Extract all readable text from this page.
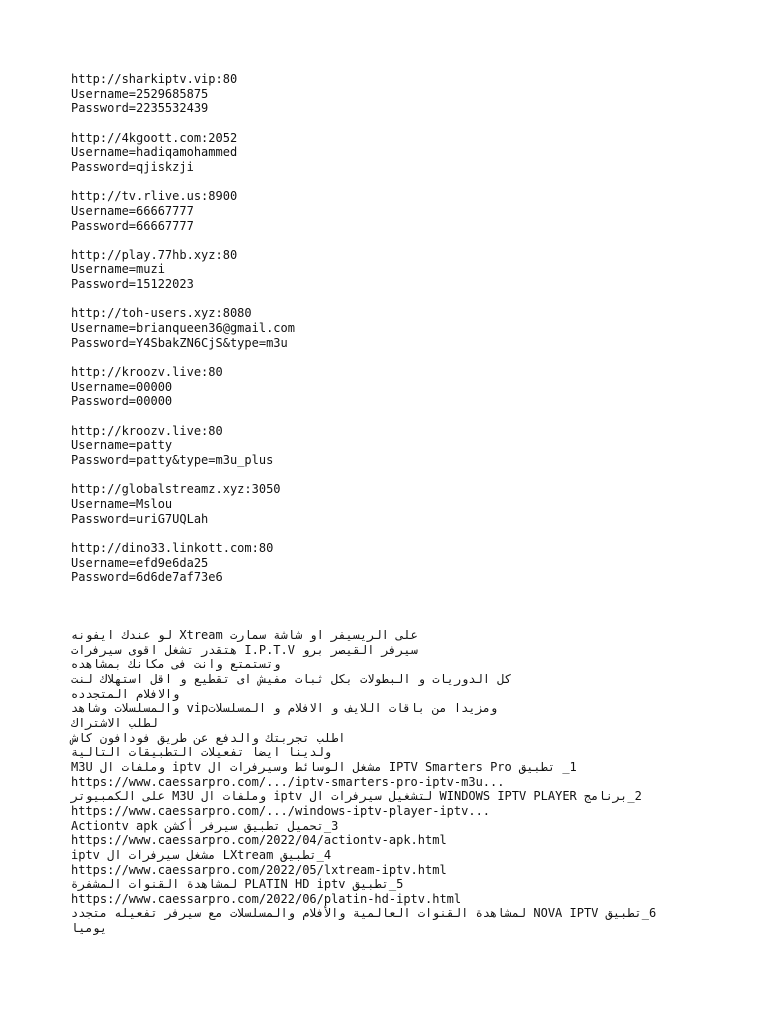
http://sharkiptv.vip:80
Username=2529685875
Password=2235532439
http://4kgoott.com:2052
Username=hadiqamohammed
Password=qjiskzji
http://tv.rlive.us:8900
Username=66667777
Password=66667777
http://play.77hb.xyz:80
Username=muzi
Password=15122023
http://toh-users.xyz:8080
Username=brianqueen36@gmail.com
Password=Y4SbakZN6CjS&type=m3u
http://kroozv.live:80
Username=00000
Password=00000
http://kroozv.live:80
Username=patty
Password=patty&type=m3u_plus
http://globalstreamz.xyz:3050
Username=Mslou
Password=uriG7UQLah
http://dino33.linkott.com:80
Username=efd9e6da25
Password=6d6de7af73e6
على الريسيفر او شاشة سمارت Xtream لو عندك ايفونه
سيرفر القيصر برو I.P.T.V هتقدر تشغل اقوى سيرفرات
وتستمتع وانت فى مكانك بمشاهده
كل الدوريات و البطولات بكل ثبات مفيش اى تقطيع و اقل استهلاك لنت
والافلام المتجدده
ومزيدا من باقات اللايف و الافلام و المسلسلاتvip والمسلسلات وشاهد
لطلب الاشتراك
اطلب تجربتك والدفع عن طريق فودافون كاش
ولدينا ايضا تفعيلات التطبيقات التالية
1_ تطبيق IPTV Smarters Pro مشغل الوسائط وسيرفرات ال iptv وملفات ال M3U
https://www.caessarpro.com/.../iptv-smarters-pro-iptv-m3u...
2_برنامج WINDOWS IPTV PLAYER لتشغيل سيرفرات ال iptv وملفات ال M3U على الكمبيوتر
https://www.caessarpro.com/.../windows-iptv-player-iptv...
3_تحميل تطبيق سيرفر أكشن Actiontv apk
https://www.caessarpro.com/2022/04/actiontv-apk.html
4_تطبيق LXtream مشغل سيرفرات ال iptv
https://www.caessarpro.com/2022/05/lxtream-iptv.html
5_تطبيق PLATIN HD iptv لمشاهدة القنوات المشفرة
https://www.caessarpro.com/2022/06/platin-hd-iptv.html
6_تطبيق NOVA IPTV لمشاهدة القنوات العالمية والأفلام والمسلسلات مع سيرفر تفعيله متجدد يوميا
